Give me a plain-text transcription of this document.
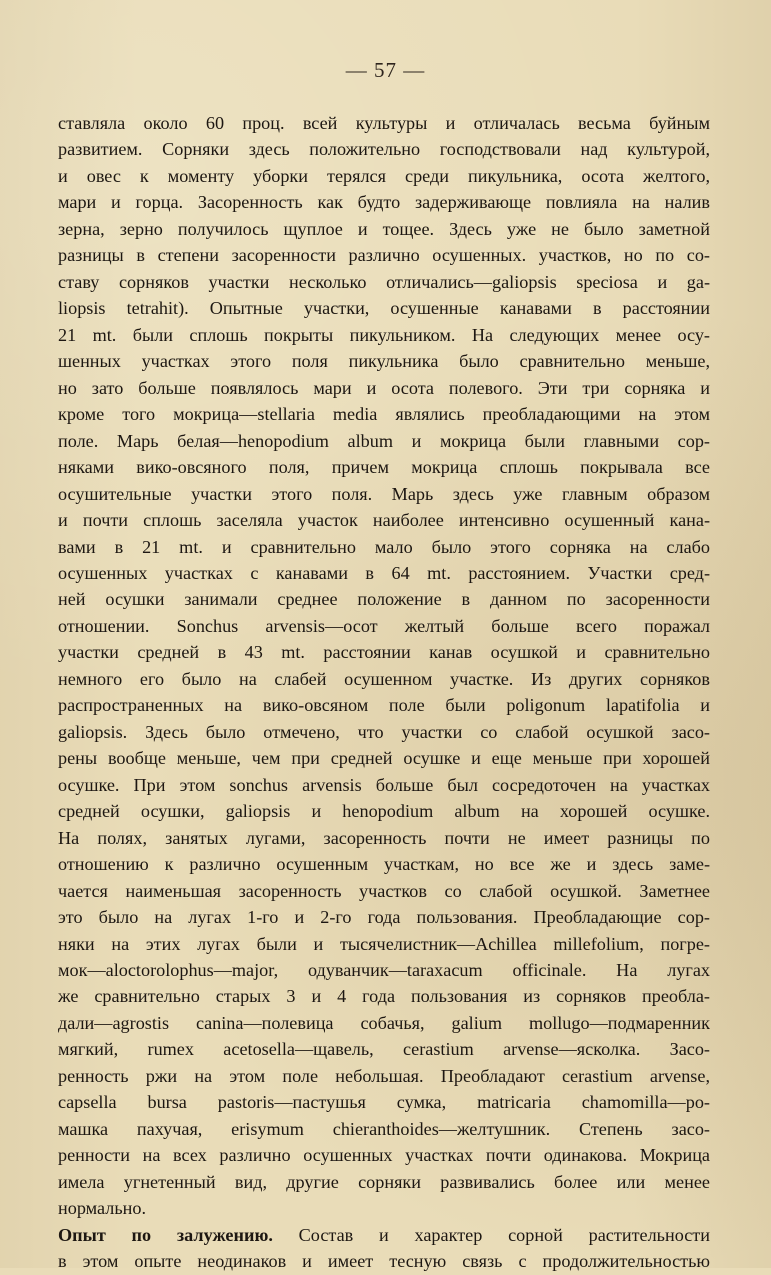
— 57 —
ставляла около 60 проц. всей культуры и отличалась весьма буйным
развитием. Сорняки здесь положительно господствовали над культурой,
и овес к моменту уборки терялся среди пикульника, осота желтого,
мари и горца. Засоренность как будто задерживающе повлияла на налив
зерна, зерно получилось щуплое и тощее. Здесь уже не было заметной
разницы в степени засоренности различно осушенных. участков, но по со-
ставу сорняков участки несколько отличались—galiopsis speciosa и ga-
liopsis tetrahit). Опытные участки, осушенные канавами в расстоянии
21 mt. были сплошь покрыты пикульником. На следующих менее осу-
шенных участках этого поля пикульника было сравнительно меньше,
но зато больше появлялось мари и осота полевого. Эти три сорняка и
кроме того мокрица—stellaria media являлись преобладающими на этом
поле. Марь белая—henopodium album и мокрица были главными сор-
няками вико-овсяного поля, причем мокрица сплошь покрывала все
осушительные участки этого поля. Марь здесь уже главным образом
и почти сплошь заселяла участок наиболее интенсивно осушенный кана-
вами в 21 mt. и сравнительно мало было этого сорняка на слабо
осушенных участках с канавами в 64 mt. расстоянием. Участки сред-
ней осушки занимали среднее положение в данном по засоренности
отношении. Sonchus arvensis—осот желтый больше всего поражал
участки средней в 43 mt. расстоянии канав осушкой и сравнительно
немного его было на слабей осушенном участке. Из других сорняков
распространенных на вико-овсяном поле были poligonum lapatifolia и
galiopsis. Здесь было отмечено, что участки со слабой осушкой засо-
рены вообще меньше, чем при средней осушке и еще меньше при хорошей
осушке. При этом sonchus arvensis больше был сосредоточен на участках
средней осушки, galiopsis и henopodium album на хорошей осушке.
На полях, занятых лугами, засоренность почти не имеет разницы по
отношению к различно осушенным участкам, но все же и здесь заме-
чается наименьшая засоренность участков со слабой осушкой. Заметнее
это было на лугах 1-го и 2-го года пользования. Преобладающие сор-
няки на этих лугах были и тысячелистник—Achillea millefolium, погре-
мок—aloctorolophus—major, одуванчик—taraxacum officinale. На лугах
же сравнительно старых 3 и 4 года пользования из сорняков преобла-
дали—agrostis canina—полевица собачья, galium mollugo—подмаренник
мягкий, rumex acetosella—щавель, cerastium arvense—ясколка. Засо-
ренность ржи на этом поле небольшая. Преобладают cerastium arvense,
capsella bursa pastoris—пастушья сумка, matricaria chamomilla—ро-
машка пахучая, erisymum chieranthoides—желтушник. Степень засо-
ренности на всех различно осушенных участках почти одинакова. Мокрица
имела угнетенный вид, другие сорняки развивались более или менее
нормально.
Опыт по залужению. Состав и характер сорной растительности
в этом опыте неодинаков и имеет тесную связь с продолжительностью
